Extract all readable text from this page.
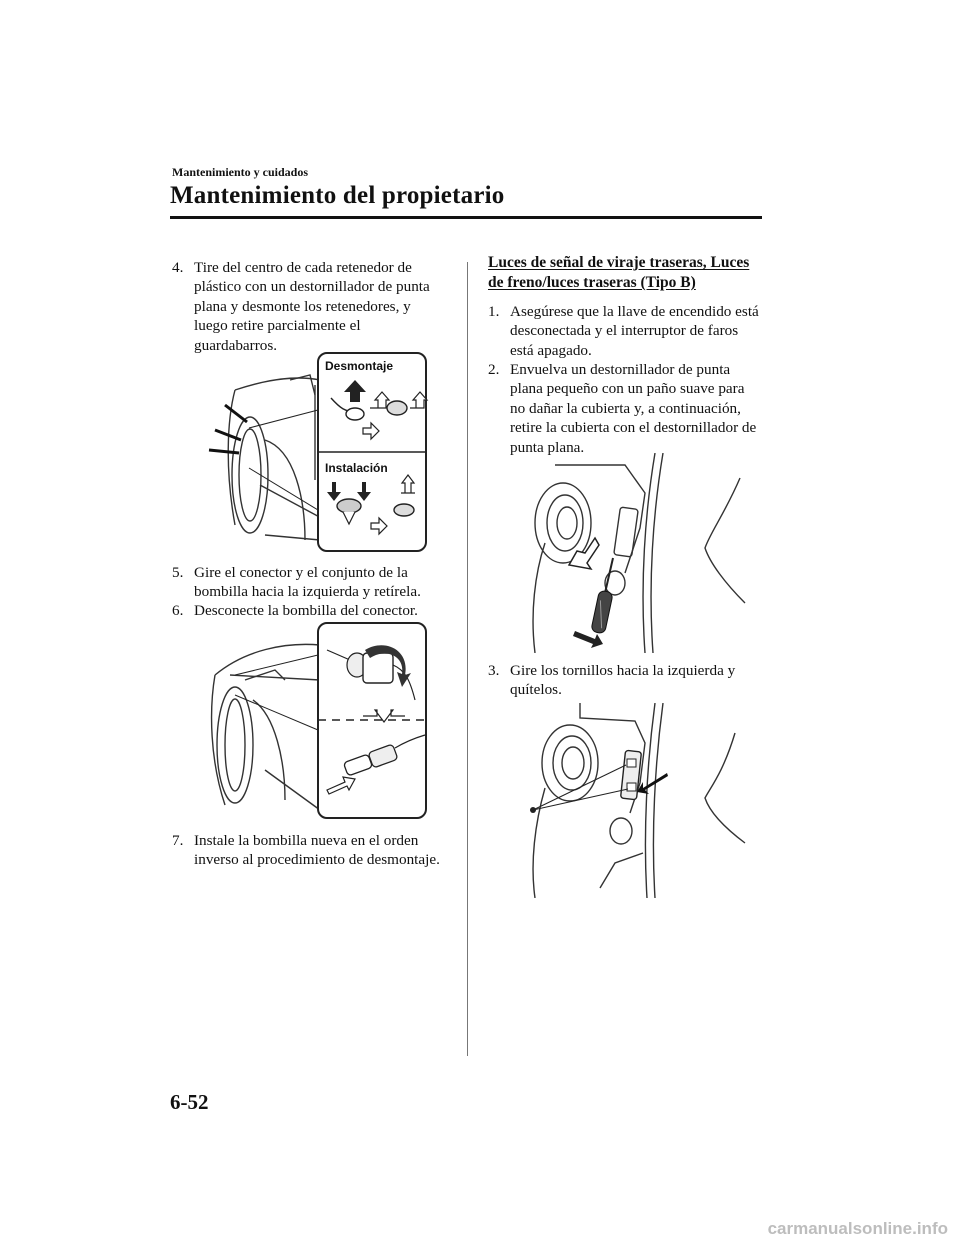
Mantenimiento y cuidados
Mantenimiento del propietario
4. Tire del centro de cada retenedor de plástico con un destornillador de punta plana y desmonte los retenedores, y luego retire parcialmente el guardabarros.
Desmontaje
Instalación
5. Gire el conector y el conjunto de la bombilla hacia la izquierda y retírela.
6. Desconecte la bombilla del conector.
7. Instale la bombilla nueva en el orden inverso al procedimiento de desmontaje.
Luces de señal de viraje traseras, Luces de freno/luces traseras (Tipo B)
1. Asegúrese que la llave de encendido está desconectada y el interruptor de faros está apagado.
2. Envuelva un destornillador de punta plana pequeño con un paño suave para no dañar la cubierta y, a continuación, retire la cubierta con el destornillador de punta plana.
3. Gire los tornillos hacia la izquierda y quítelos.
6-52
carmanualsonline.info
